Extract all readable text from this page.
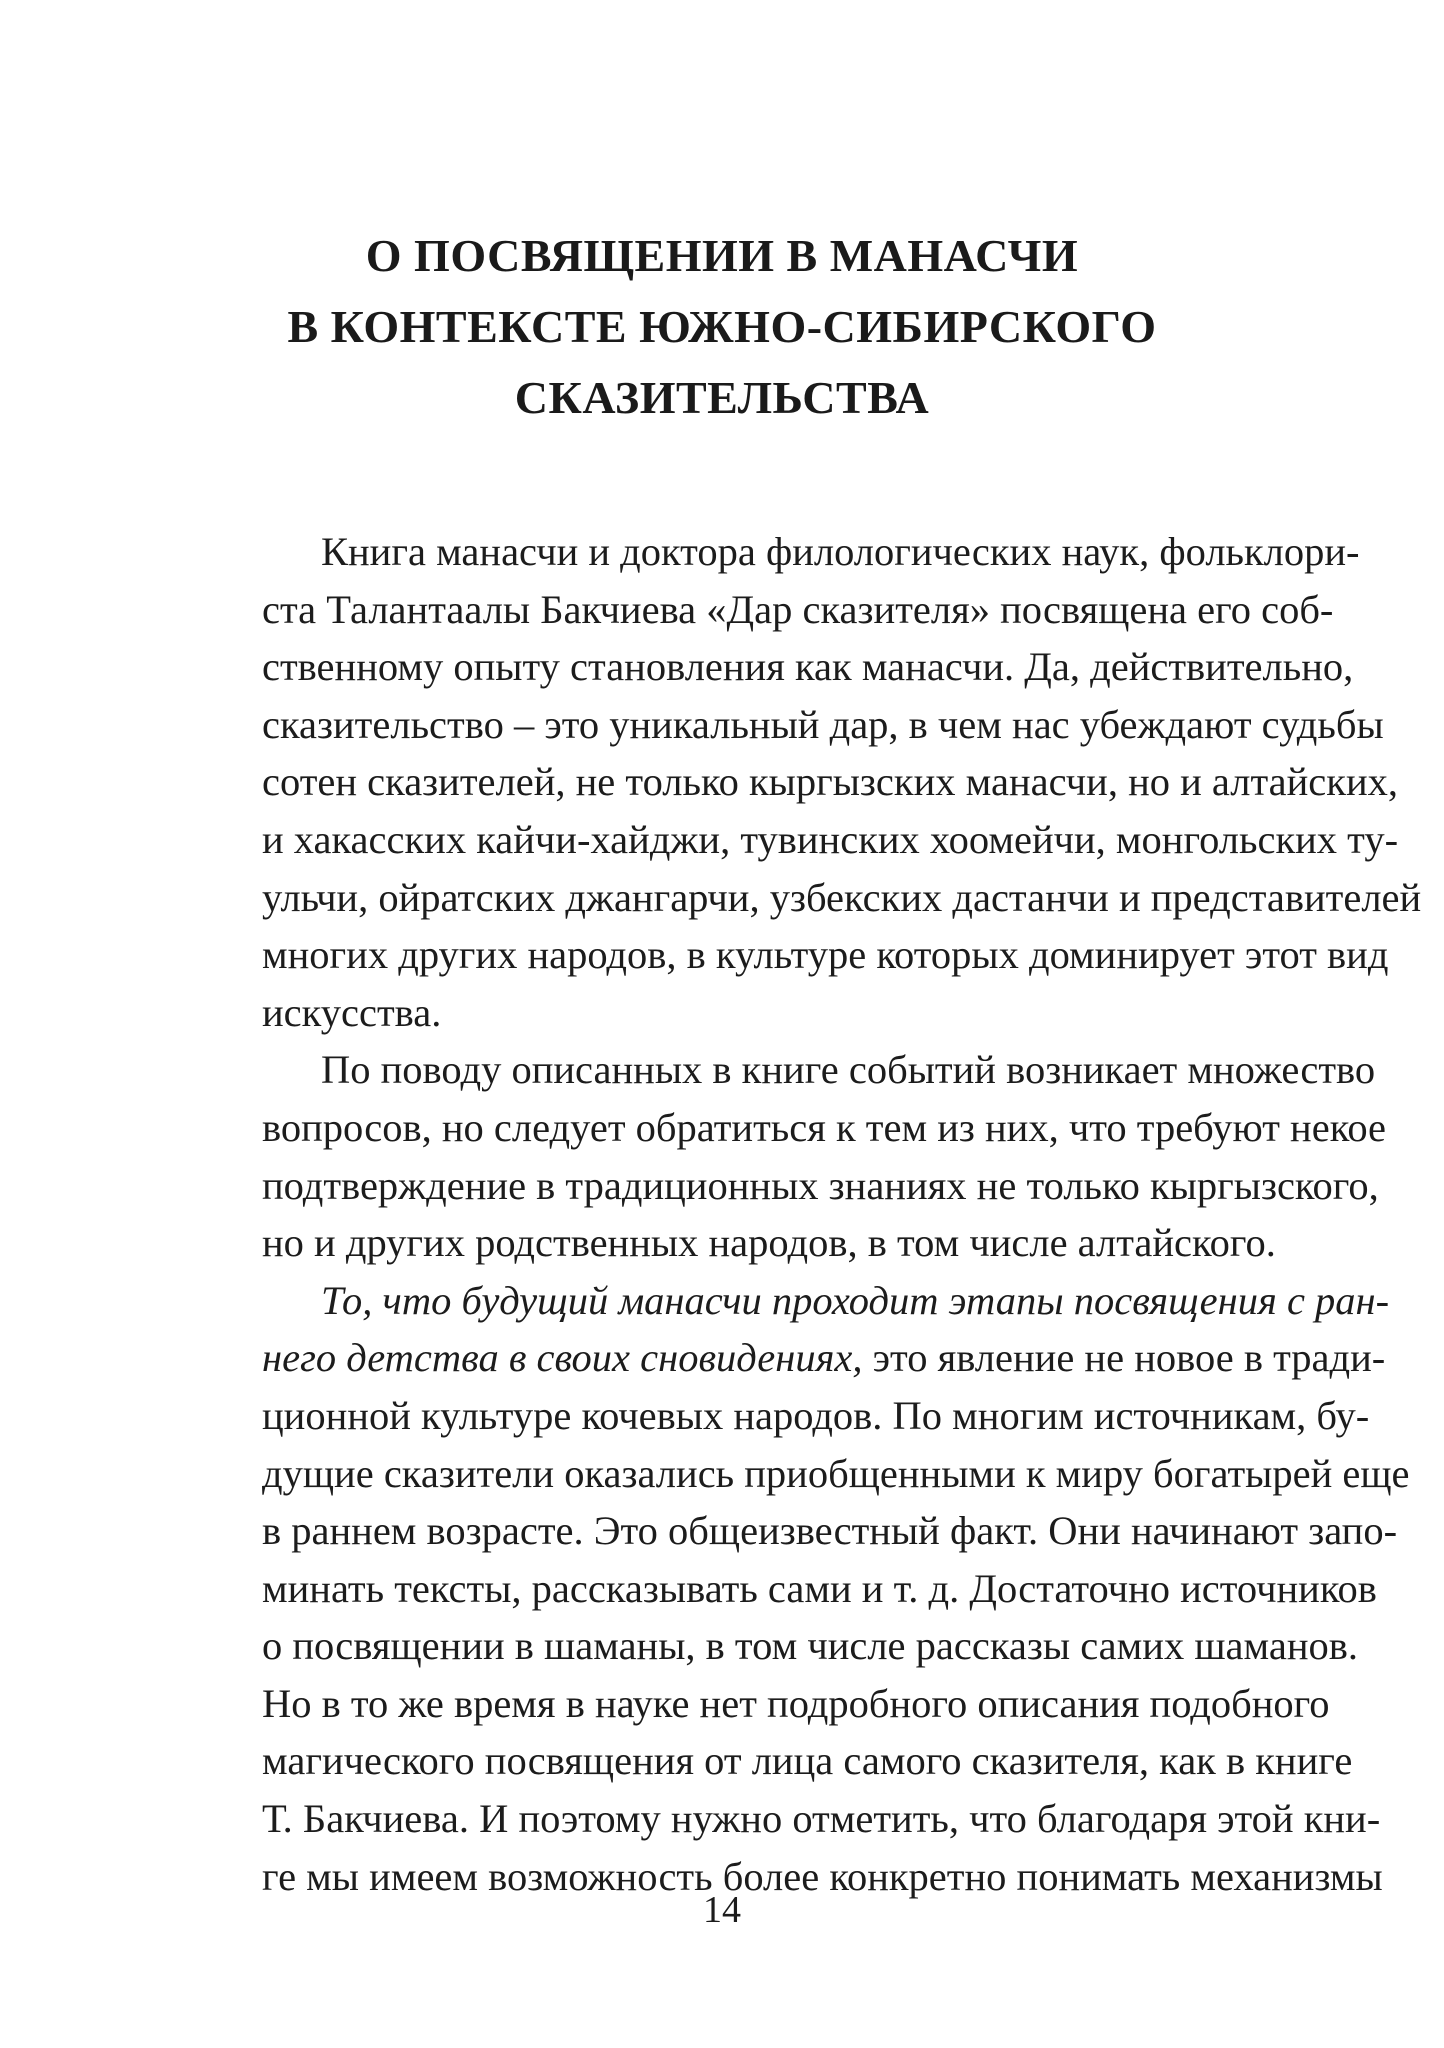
О ПОСВЯЩЕНИИ В МАНАСЧИ
В КОНТЕКСТЕ ЮЖНО-СИБИРСКОГО
СКАЗИТЕЛЬСТВА

Книга манасчи и доктора филологических наук, фольклори-
ста Талантаалы Бакчиева «Дар сказителя» посвящена его соб-
ственному опыту становления как манасчи. Да, действительно,
сказительство – это уникальный дар, в чем нас убеждают судьбы
сотен сказителей, не только кыргызских манасчи, но и алтайских,
и хакасских кайчи-хайджи, тувинских хоомейчи, монгольских ту-
ульчи, ойратских джангарчи, узбекских дастанчи и представителей
многих других народов, в культуре которых доминирует этот вид
искусства.

По поводу описанных в книге событий возникает множество
вопросов, но следует обратиться к тем из них, что требуют некое
подтверждение в традиционных знаниях не только кыргызского,
но и других родственных народов, в том числе алтайского.

То, что будущий манасчи проходит этапы посвящения с ран-
него детства в своих сновидениях, это явление не новое в тради-
ционной культуре кочевых народов. По многим источникам, бу-
дущие сказители оказались приобщенными к миру богатырей еще
в раннем возрасте. Это общеизвестный факт. Они начинают запо-
минать тексты, рассказывать сами и т. д. Достаточно источников
о посвящении в шаманы, в том числе рассказы самих шаманов.
Но в то же время в науке нет подробного описания подобного
магического посвящения от лица самого сказителя, как в книге
Т. Бакчиева. И поэтому нужно отметить, что благодаря этой кни-
ге мы имеем возможность более конкретно понимать механизмы

14
